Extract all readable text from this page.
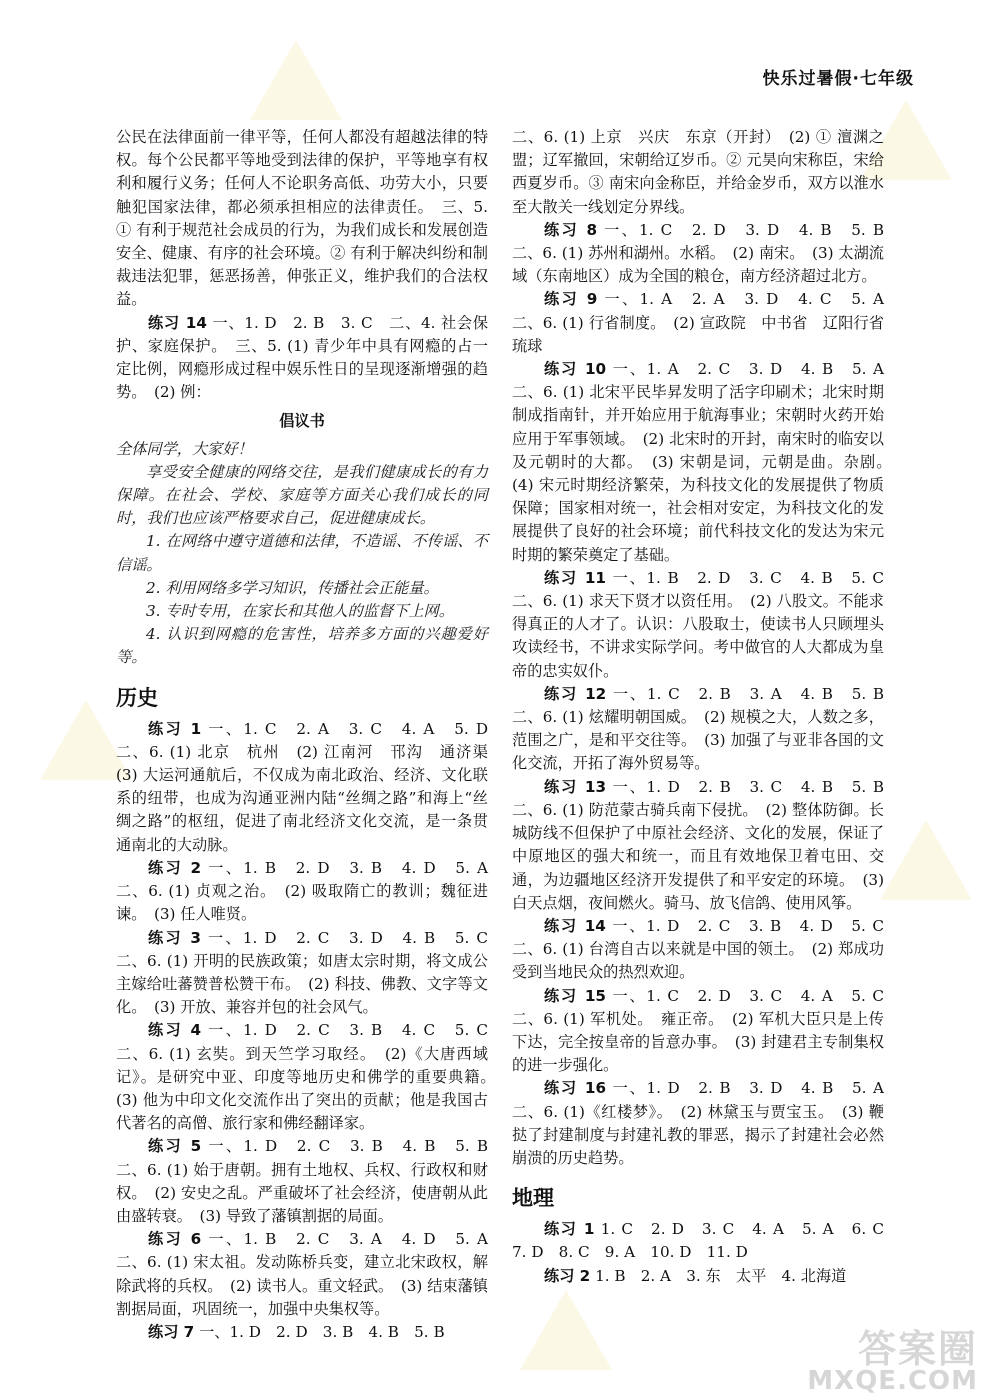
快乐过暑假·七年级

公民在法律面前一律平等，任何人都没有超越法律的特权。每个公民都平等地受到法律的保护，平等地享有权利和履行义务；任何人不论职务高低、功劳大小，只要触犯国家法律，都必须承担相应的法律责任。　三、5. ① 有利于规范社会成员的行为，为我们成长和发展创造安全、健康、有序的社会环境。② 有利于解决纠纷和制裁违法犯罪，惩恶扬善，伸张正义，维护我们的合法权益。

练习 14 一、1. D　2. B　3. C　二、4. 社会保护、家庭保护。　三、5. (1) 青少年中具有网瘾的占一定比例，网瘾形成过程中娱乐性日的呈现逐渐增强的趋势。　(2) 例：

倡议书

全体同学，大家好！

享受安全健康的网络交往，是我们健康成长的有力保障。在社会、学校、家庭等方面关心我们成长的同时，我们也应该严格要求自己，促进健康成长。

1. 在网络中遵守道德和法律，不造谣、不传谣、不信谣。

2. 利用网络多学习知识，传播社会正能量。

3. 专时专用，在家长和其他人的监督下上网。

4. 认识到网瘾的危害性，培养多方面的兴趣爱好等。

历史

练习 1 一、1. C　2. A　3. C　4. A　5. D　二、6. (1) 北京　杭州　(2) 江南河　邗沟　通济渠　(3) 大运河通航后，不仅成为南北政治、经济、文化联系的纽带，也成为沟通亚洲内陆“丝绸之路”和海上“丝绸之路”的枢纽，促进了南北经济文化交流，是一条贯通南北的大动脉。

练习 2 一、1. B　2. D　3. B　4. D　5. A　二、6. (1) 贞观之治。　(2) 吸取隋亡的教训；魏征进谏。　(3) 任人唯贤。

练习 3 一、1. D　2. C　3. D　4. B　5. C　二、6. (1) 开明的民族政策；如唐太宗时期，将文成公主嫁给吐蕃赞普松赞干布。　(2) 科技、佛教、文字等文化。　(3) 开放、兼容并包的社会风气。

练习 4 一、1. D　2. C　3. B　4. C　5. C　二、6. (1) 玄奘。到天竺学习取经。　(2)《大唐西域记》。是研究中亚、印度等地历史和佛学的重要典籍。　(3) 他为中印文化交流作出了突出的贡献；他是我国古代著名的高僧、旅行家和佛经翻译家。

练习 5 一、1. D　2. C　3. B　4. B　5. B　二、6. (1) 始于唐朝。拥有土地权、兵权、行政权和财权。　(2) 安史之乱。严重破坏了社会经济，使唐朝从此由盛转衰。　(3) 导致了藩镇割据的局面。

练习 6 一、1. B　2. C　3. A　4. D　5. A　二、6. (1) 宋太祖。发动陈桥兵变，建立北宋政权，解除武将的兵权。　(2) 读书人。重文轻武。　(3) 结束藩镇割据局面，巩固统一，加强中央集权等。

练习 7 一、1. D　2. D　3. B　4. B　5. B

二、6. (1) 上京　兴庆　东京（开封）　(2) ① 澶渊之盟；辽军撤回，宋朝给辽岁币。② 元昊向宋称臣，宋给西夏岁币。③ 南宋向金称臣，并给金岁币，双方以淮水至大散关一线划定分界线。

练习 8 一、1. C　2. D　3. D　4. B　5. B　二、6. (1) 苏州和湖州。水稻。　(2) 南宋。　(3) 太湖流域（东南地区）成为全国的粮仓，南方经济超过北方。

练习 9 一、1. A　2. A　3. D　4. C　5. A　二、6. (1) 行省制度。　(2) 宣政院　中书省　辽阳行省　琉球

练习 10 一、1. A　2. C　3. D　4. B　5. A　二、6. (1) 北宋平民毕昇发明了活字印刷术；北宋时期制成指南针，并开始应用于航海事业；宋朝时火药开始应用于军事领域。　(2) 北宋时的开封，南宋时的临安以及元朝时的大都。　(3) 宋朝是词，元朝是曲。杂剧。　(4) 宋元时期经济繁荣，为科技文化的发展提供了物质保障；国家相对统一，社会相对安定，为科技文化的发展提供了良好的社会环境；前代科技文化的发达为宋元时期的繁荣奠定了基础。

练习 11 一、1. B　2. D　3. C　4. B　5. C　二、6. (1) 求天下贤才以资任用。　(2) 八股文。不能求得真正的人才了。认识：八股取士，使读书人只顾埋头攻读经书，不讲求实际学问。考中做官的人大都成为皇帝的忠实奴仆。

练习 12 一、1. C　2. B　3. A　4. B　5. B　二、6. (1) 炫耀明朝国威。　(2) 规模之大，人数之多，范围之广，是和平交往等。　(3) 加强了与亚非各国的文化交流，开拓了海外贸易等。

练习 13 一、1. D　2. B　3. C　4. B　5. B　二、6. (1) 防范蒙古骑兵南下侵扰。　(2) 整体防御。长城防线不但保护了中原社会经济、文化的发展，保证了中原地区的强大和统一，而且有效地保卫着屯田、交通，为边疆地区经济开发提供了和平安定的环境。　(3) 白天点烟，夜间燃火。骑马、放飞信鸽、使用风筝。

练习 14 一、1. D　2. C　3. B　4. D　5. C　二、6. (1) 台湾自古以来就是中国的领土。　(2) 郑成功受到当地民众的热烈欢迎。

练习 15 一、1. C　2. D　3. C　4. A　5. C　二、6. (1) 军机处。　雍正帝。　(2) 军机大臣只是上传下达，完全按皇帝的旨意办事。　(3) 封建君主专制集权的进一步强化。

练习 16 一、1. D　2. B　3. D　4. B　5. A　二、6. (1)《红楼梦》。　(2) 林黛玉与贾宝玉。　(3) 鞭挞了封建制度与封建礼教的罪恶，揭示了封建社会必然崩溃的历史趋势。

地理

练习 1 1. C　2. D　3. C　4. A　5. A　6. C　7. D　8. C　9. A　10. D　11. D

练习 2 1. B　2. A　3. 东　太平　4. 北海道

答案圈
MXQE.COM
